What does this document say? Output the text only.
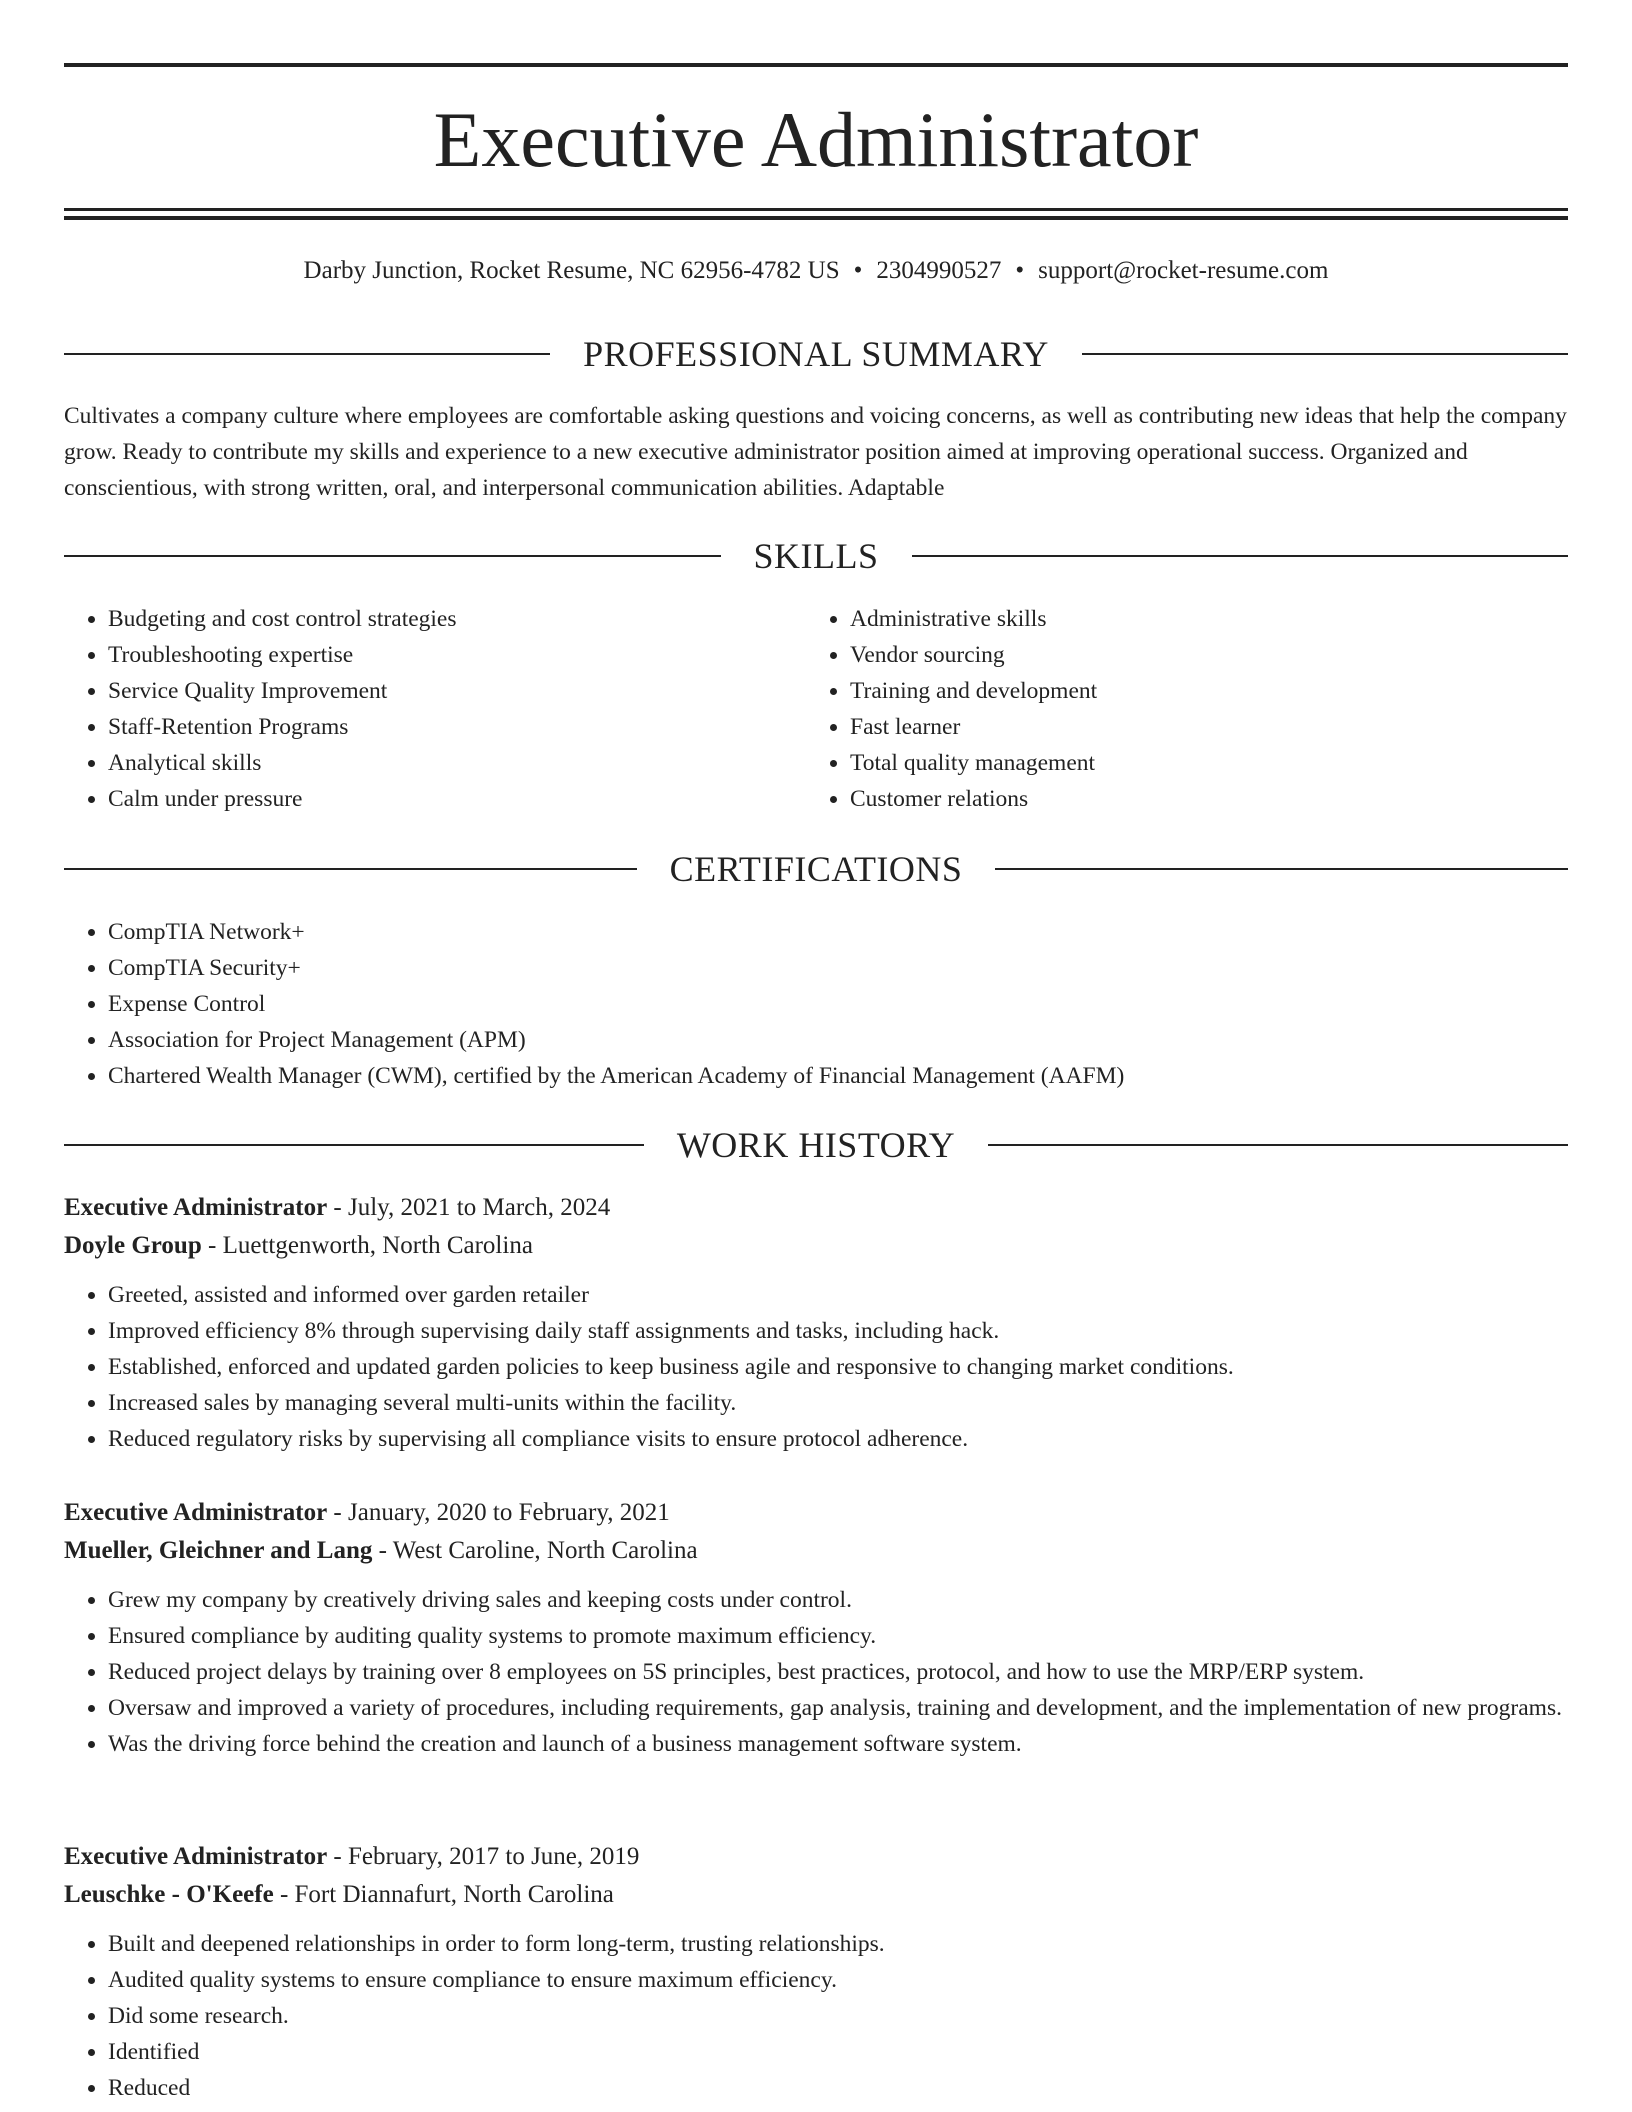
Executive Administrator
Darby Junction, Rocket Resume, NC 62956-4782 US • 2304990527 • support@rocket-resume.com
PROFESSIONAL SUMMARY

Cultivates a company culture where employees are comfortable asking questions and voicing concerns, as well as contributing new ideas that help the company grow. Ready to contribute my skills and experience to a new executive administrator position aimed at improving operational success. Organized and conscientious, with strong written, oral, and interpersonal communication abilities. Adaptable

SKILLS
• Budgeting and cost control strategies
• Troubleshooting expertise
• Service Quality Improvement
• Staff-Retention Programs
• Analytical skills
• Calm under pressure
• Administrative skills
• Vendor sourcing
• Training and development
• Fast learner
• Total quality management
• Customer relations
CERTIFICATIONS
• CompTIA Network+
• CompTIA Security+
• Expense Control
• Association for Project Management (APM)
• Chartered Wealth Manager (CWM), certified by the American Academy of Financial Management (AAFM)
WORK HISTORY
Executive Administrator - July, 2021 to March, 2024
Doyle Group - Luettgenworth, North Carolina
• Greeted, assisted and informed over garden retailer
• Improved efficiency 8% through supervising daily staff assignments and tasks, including hack.
• Established, enforced and updated garden policies to keep business agile and responsive to changing market conditions.
• Increased sales by managing several multi-units within the facility.
• Reduced regulatory risks by supervising all compliance visits to ensure protocol adherence.
Executive Administrator - January, 2020 to February, 2021
Mueller, Gleichner and Lang - West Caroline, North Carolina
• Grew my company by creatively driving sales and keeping costs under control.
• Ensured compliance by auditing quality systems to promote maximum efficiency.
• Reduced project delays by training over 8 employees on 5S principles, best practices, protocol, and how to use the MRP/ERP system.
• Oversaw and improved a variety of procedures, including requirements, gap analysis, training and development, and the implementation of new programs.
• Was the driving force behind the creation and launch of a business management software system.
Executive Administrator - February, 2017 to June, 2019
Leuschke - O'Keefe - Fort Diannafurt, North Carolina
• Built and deepened relationships in order to form long-term, trusting relationships.
• Audited quality systems to ensure compliance to ensure maximum efficiency.
• Did some research.
• Identified
• Reduced
